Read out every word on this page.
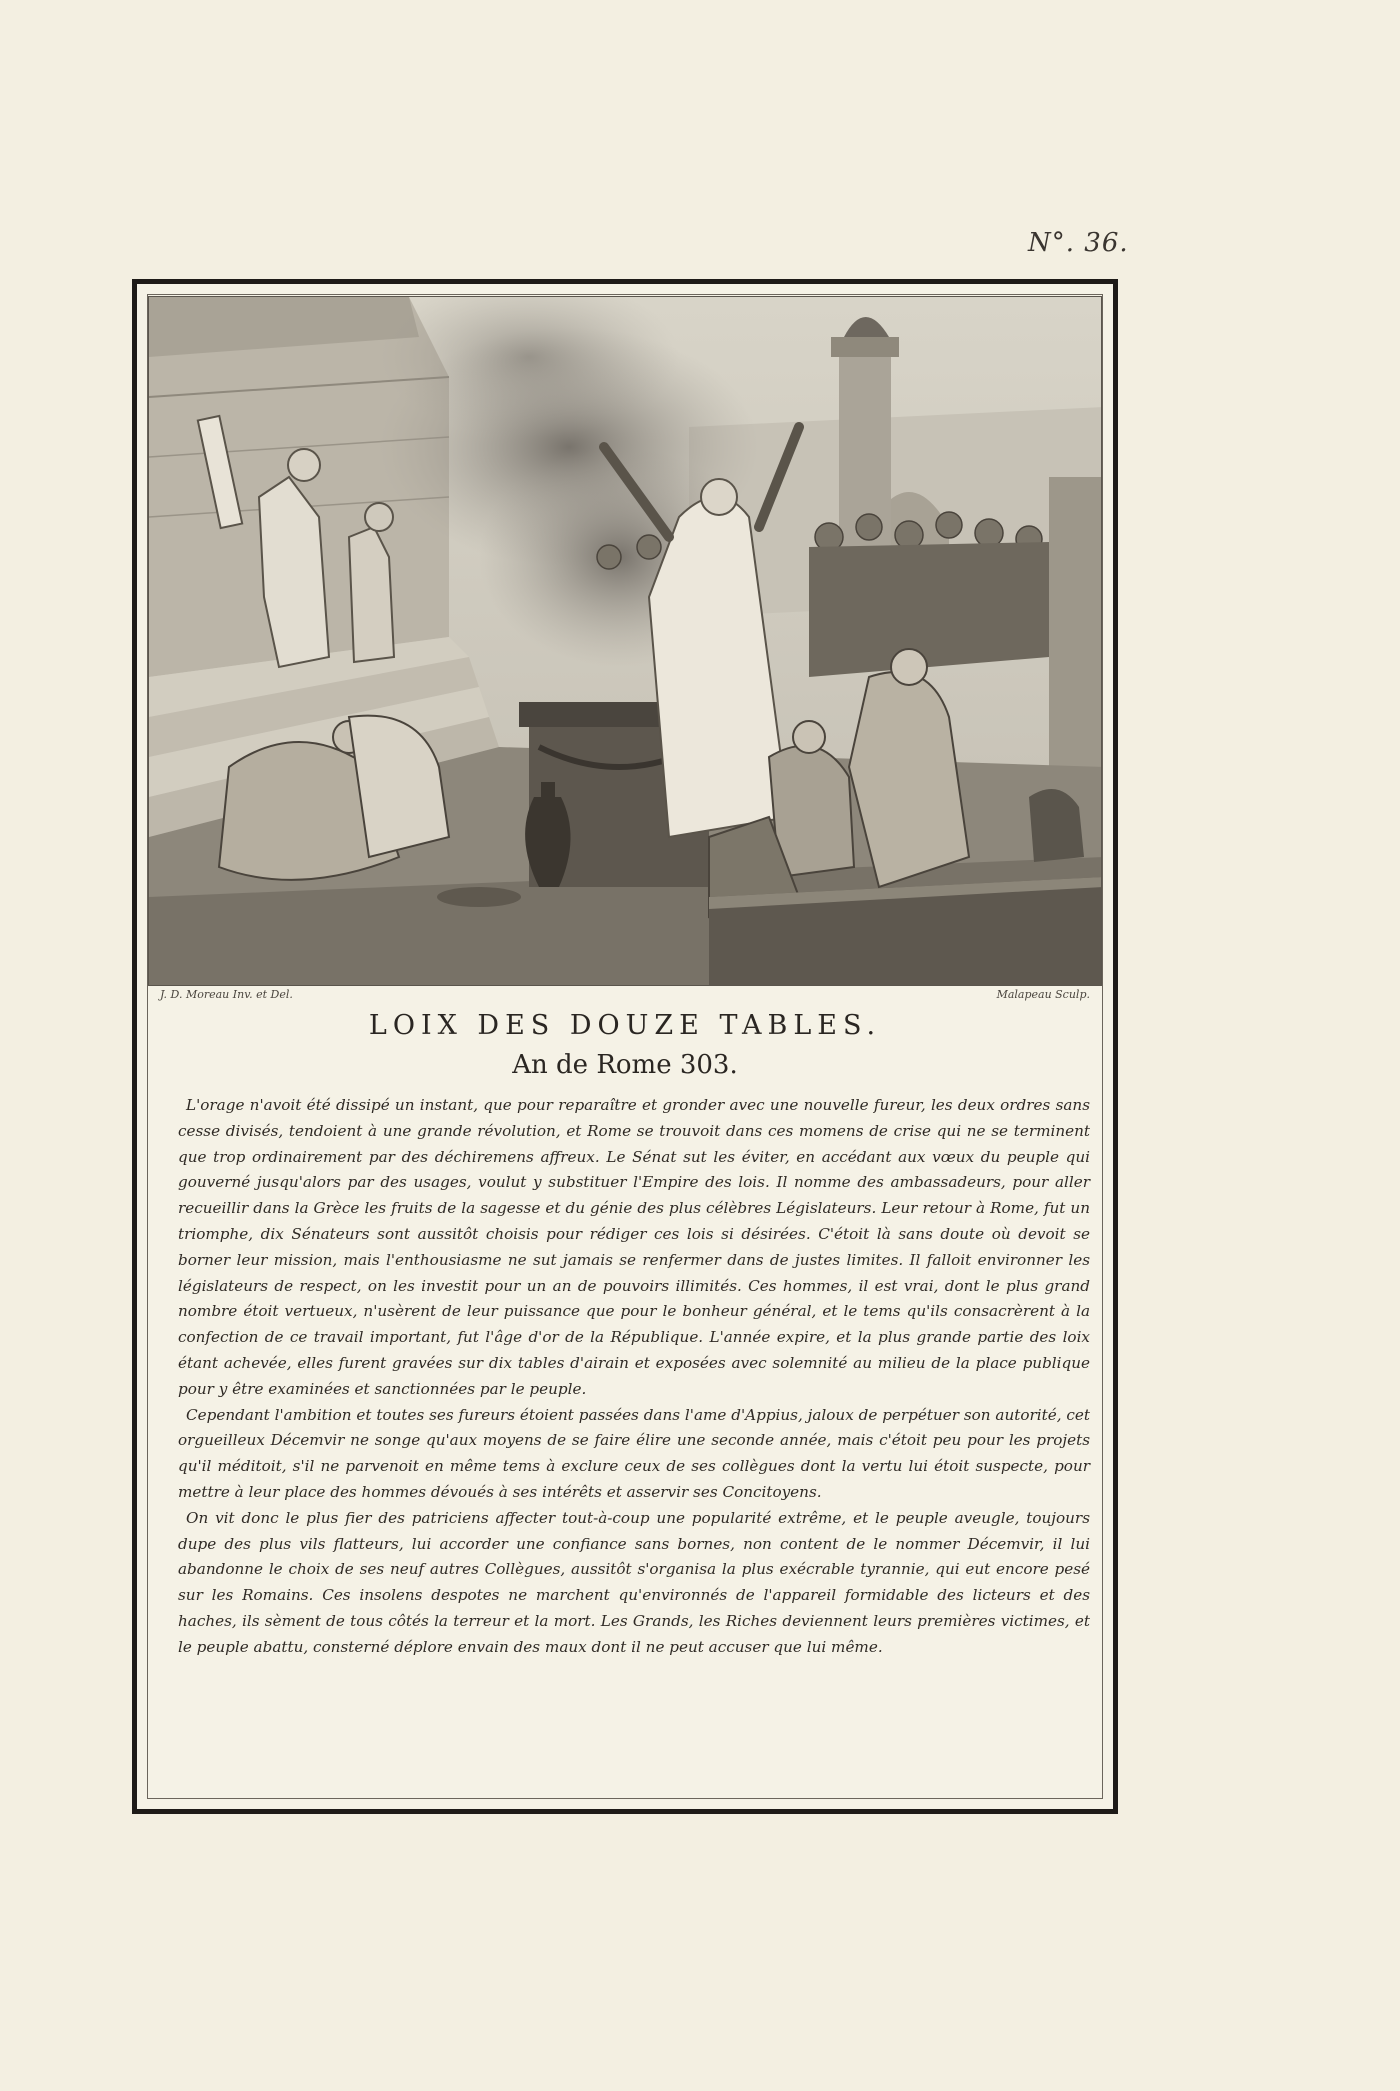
N°. 36.
J. D. Moreau Inv. et Del.	Malapeau Sculp.
LOIX DES DOUZE TABLES.
An de Rome 303.

L'orage n'avoit été dissipé un instant, que pour reparaître et gronder avec une nouvelle fureur, les deux ordres sans cesse divisés, tendoient à une grande révolution, et Rome se trouvoit dans ces momens de crise qui ne se terminent que trop ordinairement par des déchiremens affreux. Le Sénat sut les éviter, en accédant aux vœux du peuple qui gouverné jusqu'alors par des usages, voulut y substituer l'Empire des lois. Il nomme des ambassadeurs, pour aller recueillir dans la Grèce les fruits de la sagesse et du génie des plus célèbres Législateurs. Leur retour à Rome, fut un triomphe, dix Sénateurs sont aussitôt choisis pour rédiger ces lois si désirées. C'étoit là sans doute où devoit se borner leur mission, mais l'enthousiasme ne sut jamais se renfermer dans de justes limites. Il falloit environner les législateurs de respect, on les investit pour un an de pouvoirs illimités. Ces hommes, il est vrai, dont le plus grand nombre étoit vertueux, n'usèrent de leur puissance que pour le bonheur général, et le tems qu'ils consacrèrent à la confection de ce travail important, fut l'âge d'or de la République. L'année expire, et la plus grande partie des loix étant achevée, elles furent gravées sur dix tables d'airain et exposées avec solemnité au milieu de la place publique pour y être examinées et sanctionnées par le peuple.

Cependant l'ambition et toutes ses fureurs étoient passées dans l'ame d'Appius, jaloux de perpétuer son autorité, cet orgueilleux Décemvir ne songe qu'aux moyens de se faire élire une seconde année, mais c'étoit peu pour les projets qu'il méditoit, s'il ne parvenoit en même tems à exclure ceux de ses collègues dont la vertu lui étoit suspecte, pour mettre à leur place des hommes dévoués à ses intérêts et asservir ses Concitoyens.

On vit donc le plus fier des patriciens affecter tout-à-coup une popularité extrême, et le peuple aveugle, toujours dupe des plus vils flatteurs, lui accorder une confiance sans bornes, non content de le nommer Décemvir, il lui abandonne le choix de ses neuf autres Collègues, aussitôt s'organisa la plus exécrable tyrannie, qui eut encore pesé sur les Romains. Ces insolens despotes ne marchent qu'environnés de l'appareil formidable des licteurs et des haches, ils sèment de tous côtés la terreur et la mort. Les Grands, les Riches deviennent leurs premières victimes, et le peuple abattu, consterné déplore envain des maux dont il ne peut accuser que lui même.
